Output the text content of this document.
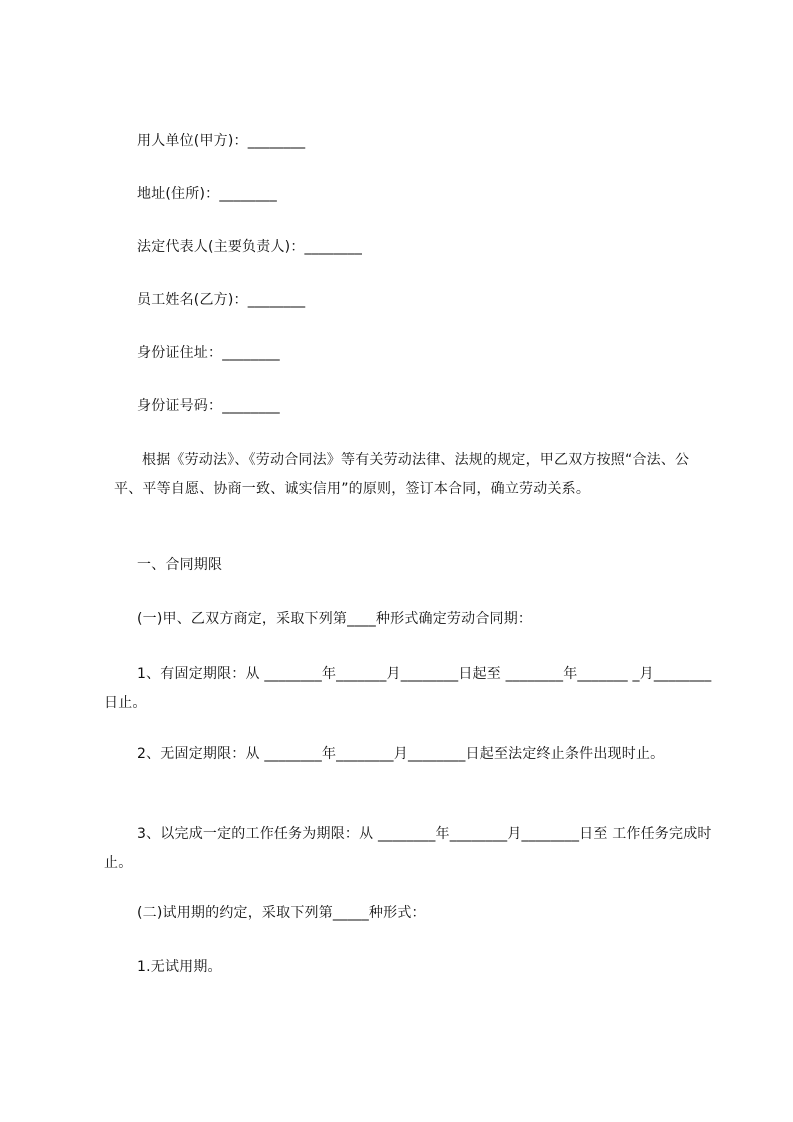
用人单位(甲方)：________
地址(住所)：________
法定代表人(主要负责人)：________
员工姓名(乙方)：________
身份证住址：________
身份证号码：________
根据《劳动法》、《劳动合同法》等有关劳动法律、法规的规定，甲乙双方按照“合法、公平、平等自愿、协商一致、诚实信用”的原则，签订本合同，确立劳动关系。
一、合同期限
(一)甲、乙双方商定，采取下列第____种形式确定劳动合同期：
1、有固定期限：从 ________年_______月________日起至 ________年_______ _月________日止。
2、无固定期限：从 ________年________月________日起至法定终止条件出现时止。
3、以完成一定的工作任务为期限：从 ________年________月________日至 工作任务完成时止。
(二)试用期的约定，采取下列第_____种形式：
1.无试用期。
